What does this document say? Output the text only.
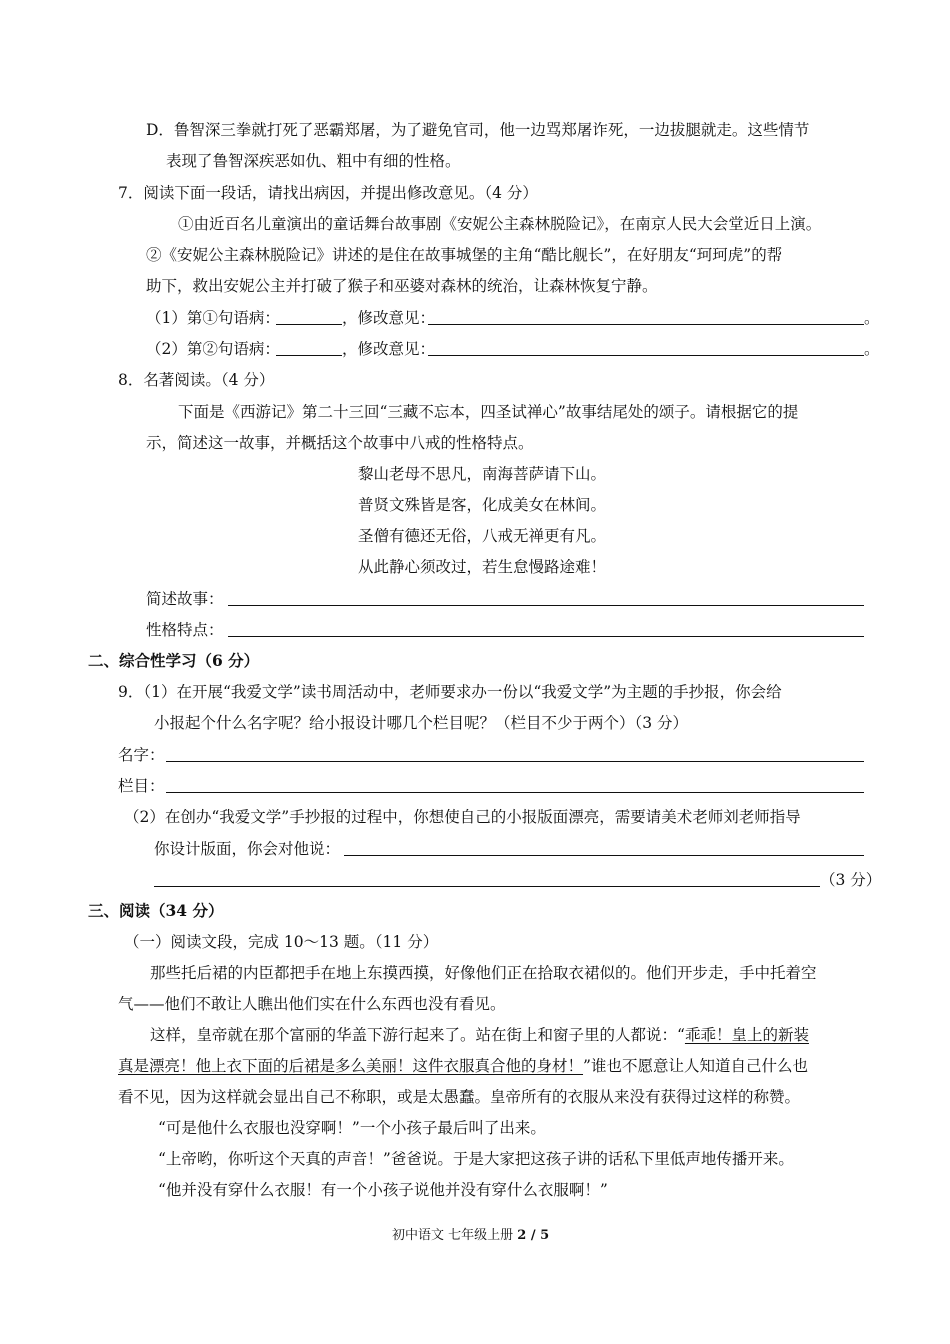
D．鲁智深三拳就打死了恶霸郑屠，为了避免官司，他一边骂郑屠诈死，一边拔腿就走。这些情节
表现了鲁智深疾恶如仇、粗中有细的性格。
7．阅读下面一段话，请找出病因，并提出修改意见。（4 分）
①由近百名儿童演出的童话舞台故事剧《安妮公主森林脱险记》，在南京人民大会堂近日上演。
②《安妮公主森林脱险记》讲述的是住在故事城堡的主角“酷比舰长”，在好朋友“珂珂虎”的帮
助下，救出安妮公主并打破了猴子和巫婆对森林的统治，让森林恢复宁静。
（1）第①句语病：	，修改意见：	。
（2）第②句语病：	，修改意见：	。
8．名著阅读。（4 分）
下面是《西游记》第二十三回“三藏不忘本，四圣试禅心”故事结尾处的颂子。请根据它的提
示，简述这一故事，并概括这个故事中八戒的性格特点。
黎山老母不思凡，南海菩萨请下山。
普贤文殊皆是客，化成美女在林间。
圣僧有德还无俗，八戒无禅更有凡。
从此静心须改过，若生怠慢路途难！
简述故事：
性格特点：
二、综合性学习（6 分）
9．（1）在开展“我爱文学”读书周活动中，老师要求办一份以“我爱文学”为主题的手抄报，你会给
小报起个什么名字呢？给小报设计哪几个栏目呢？（栏目不少于两个）（3 分）
名字：
栏目：
（2）在创办“我爱文学”手抄报的过程中，你想使自己的小报版面漂亮，需要请美术老师刘老师指导
你设计版面，你会对他说：
（3 分）
三、阅读（34 分）
（一）阅读文段，完成 10～13 题。（11 分）
那些托后裙的内臣都把手在地上东摸西摸，好像他们正在拾取衣裙似的。他们开步走，手中托着空
气——他们不敢让人瞧出他们实在什么东西也没有看见。
这样，皇帝就在那个富丽的华盖下游行起来了。站在街上和窗子里的人都说：“乖乖！皇上的新装
真是漂亮！他上衣下面的后裙是多么美丽！这件衣服真合他的身材！”谁也不愿意让人知道自己什么也
看不见，因为这样就会显出自己不称职，或是太愚蠢。皇帝所有的衣服从来没有获得过这样的称赞。
“可是他什么衣服也没穿啊！”一个小孩子最后叫了出来。
“上帝哟，你听这个天真的声音！”爸爸说。于是大家把这孩子讲的话私下里低声地传播开来。
“他并没有穿什么衣服！有一个小孩子说他并没有穿什么衣服啊！”
初中语文 七年级上册 2 / 5
